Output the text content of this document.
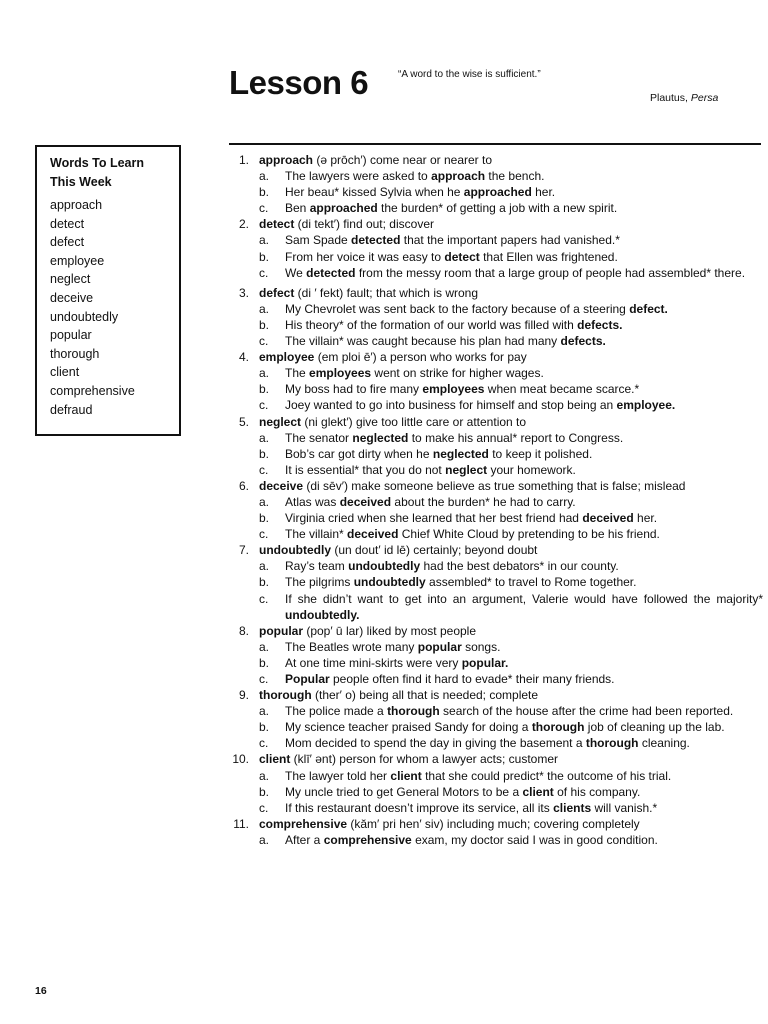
Lesson 6	“A word to the wise is sufficient.”
Plautus, Persa
Words To Learn
This Week
approach
detect
defect
employee
neglect
deceive
undoubtedly
popular
thorough
client
comprehensive
defraud
1. approach (ə prōch′) come near or nearer to
a. The lawyers were asked to approach the bench.
b. Her beau* kissed Sylvia when he approached her.
c. Ben approached the burden* of getting a job with a new spirit.
2. detect (di tekt′) find out; discover
a. Sam Spade detected that the important papers had vanished.*
b. From her voice it was easy to detect that Ellen was frightened.
c. We detected from the messy room that a large group of people had assembled* there.
3. defect (di ′ fekt) fault; that which is wrong
a. My Chevrolet was sent back to the factory because of a steering defect.
b. His theory* of the formation of our world was filled with defects.
c. The villain* was caught because his plan had many defects.
4. employee (em ploi ē′) a person who works for pay
a. The employees went on strike for higher wages.
b. My boss had to fire many employees when meat became scarce.*
c. Joey wanted to go into business for himself and stop being an employee.
5. neglect (ni glekt′) give too little care or attention to
a. The senator neglected to make his annual* report to Congress.
b. Bob’s car got dirty when he neglected to keep it polished.
c. It is essential* that you do not neglect your homework.
6. deceive (di sēv′) make someone believe as true something that is false; mislead
a. Atlas was deceived about the burden* he had to carry.
b. Virginia cried when she learned that her best friend had deceived her.
c. The villain* deceived Chief White Cloud by pretending to be his friend.
7. undoubtedly (un dout′ id lē) certainly; beyond doubt
a. Ray’s team undoubtedly had the best debators* in our county.
b. The pilgrims undoubtedly assembled* to travel to Rome together.
c. If she didn’t want to get into an argument, Valerie would have followed the majority* undoubtedly.
8. popular (pop′ ū lar) liked by most people
a. The Beatles wrote many popular songs.
b. At one time mini-skirts were very popular.
c. Popular people often find it hard to evade* their many friends.
9. thorough (ther′ o) being all that is needed; complete
a. The police made a thorough search of the house after the crime had been reported.
b. My science teacher praised Sandy for doing a thorough job of cleaning up the lab.
c. Mom decided to spend the day in giving the basement a thorough cleaning.
10. client (klī′ ənt) person for whom a lawyer acts; customer
a. The lawyer told her client that she could predict* the outcome of his trial.
b. My uncle tried to get General Motors to be a client of his company.
c. If this restaurant doesn’t improve its service, all its clients will vanish.*
11. comprehensive (kăm′ pri hen′ siv) including much; covering completely
a. After a comprehensive exam, my doctor said I was in good condition.
16
